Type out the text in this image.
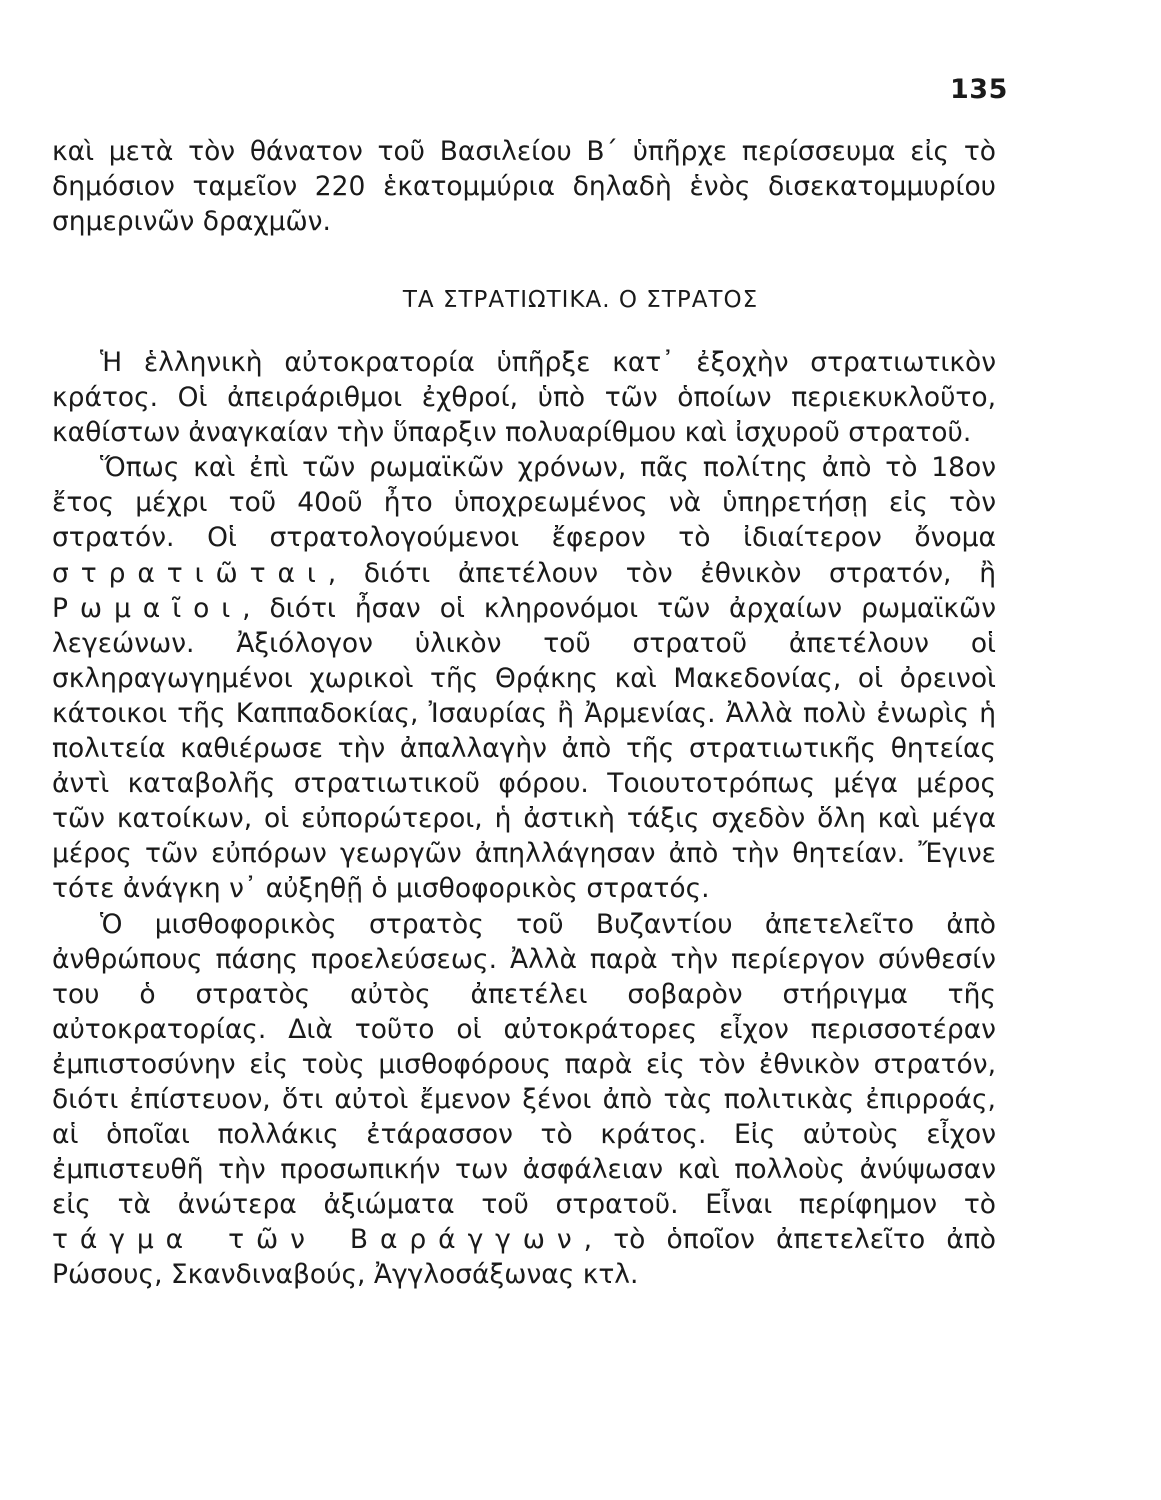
135

καὶ μετὰ τὸν θάνατον τοῦ Βασιλείου Β΄ ὑπῆρχε περίσσευμα εἰς τὸ δημόσιον ταμεῖον 220 ἑκατομμύρια δηλαδὴ ἑνὸς δισεκατομμυρίου σημερινῶν δραχμῶν.

ΤΑ ΣΤΡΑΤΙΩΤΙΚΑ. Ο ΣΤΡΑΤΟΣ

Ἡ ἑλληνικὴ αὐτοκρατορία ὑπῆρξε κατ᾽ ἐξοχὴν στρατιωτικὸν κράτος. Οἱ ἀπειράριθμοι ἐχθροί, ὑπὸ τῶν ὁποίων περιεκυκλοῦτο, καθίστων ἀναγκαίαν τὴν ὕπαρξιν πολυαρίθμου καὶ ἰσχυροῦ στρατοῦ.

Ὅπως καὶ ἐπὶ τῶν ρωμαϊκῶν χρόνων, πᾶς πολίτης ἀπὸ τὸ 18ον ἔτος μέχρι τοῦ 40οῦ ἦτο ὑποχρεωμένος νὰ ὑπηρετήσῃ εἰς τὸν στρατόν. Οἱ στρατολογούμενοι ἔφερον τὸ ἰδιαίτερον ὄνομα στρατιῶται, διότι ἀπετέλουν τὸν ἐθνικὸν στρατόν, ἢ Ρωμαῖοι, διότι ἦσαν οἱ κληρονόμοι τῶν ἀρχαίων ρωμαϊκῶν λεγεώνων. Ἀξιόλογον ὑλικὸν τοῦ στρατοῦ ἀπετέλουν οἱ σκληραγωγημένοι χωρικοὶ τῆς Θρᾴκης καὶ Μακεδονίας, οἱ ὀρεινοὶ κάτοικοι τῆς Καππαδοκίας, Ἰσαυρίας ἢ Ἀρμενίας. Ἀλλὰ πολὺ ἐνωρὶς ἡ πολιτεία καθιέρωσε τὴν ἀπαλλαγὴν ἀπὸ τῆς στρατιωτικῆς θητείας ἀντὶ καταβολῆς στρατιωτικοῦ φόρου. Τοιουτοτρόπως μέγα μέρος τῶν κατοίκων, οἱ εὐπορώτεροι, ἡ ἀστικὴ τάξις σχεδὸν ὅλη καὶ μέγα μέρος τῶν εὐπόρων γεωργῶν ἀπηλλάγησαν ἀπὸ τὴν θητείαν. Ἔγινε τότε ἀνάγκη ν᾽ αὐξηθῇ ὁ μισθοφορικὸς στρατός.

Ὁ μισθοφορικὸς στρατὸς τοῦ Βυζαντίου ἀπετελεῖτο ἀπὸ ἀνθρώπους πάσης προελεύσεως. Ἀλλὰ παρὰ τὴν περίεργον σύνθεσίν του ὁ στρατὸς αὐτὸς ἀπετέλει σοβαρὸν στήριγμα τῆς αὐτοκρατορίας. Διὰ τοῦτο οἱ αὐτοκράτορες εἶχον περισσοτέραν ἐμπιστοσύνην εἰς τοὺς μισθοφόρους παρὰ εἰς τὸν ἐθνικὸν στρατόν, διότι ἐπίστευον, ὅτι αὐτοὶ ἔμενον ξένοι ἀπὸ τὰς πολιτικὰς ἐπιρροάς, αἱ ὁποῖαι πολλάκις ἐτάρασσον τὸ κράτος. Εἰς αὐτοὺς εἶχον ἐμπιστευθῆ τὴν προσωπικήν των ἀσφάλειαν καὶ πολλοὺς ἀνύψωσαν εἰς τὰ ἀνώτερα ἀξιώματα τοῦ στρατοῦ. Εἶναι περίφημον τὸ τάγμα τῶν Βαράγγων, τὸ ὁποῖον ἀπετελεῖτο ἀπὸ Ρώσους, Σκανδιναβούς, Ἀγγλοσάξωνας κτλ.
